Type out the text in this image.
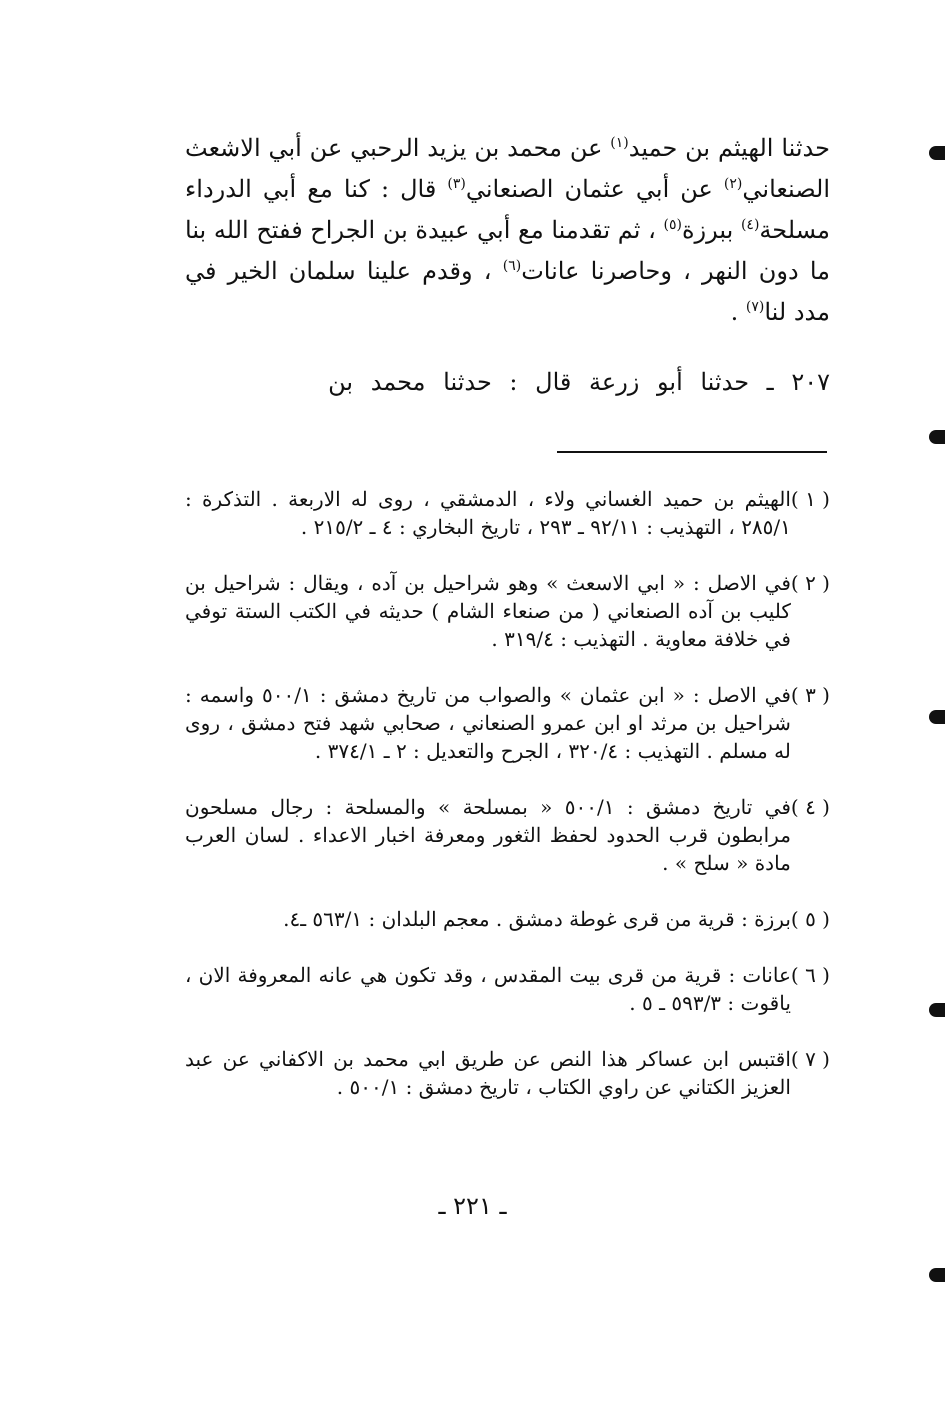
حدثنا الهيثم بن حميد$^{(١)}$ عن محمد بن يزيد الرحبي عن أبي الاشعث الصنعاني$^{(٢)}$ عن أبي عثمان الصنعاني$^{(٣)}$ قال : كنا مع أبي الدرداء مسلحة$^{(٤)}$ ببرزة$^{(٥)}$ ، ثم تقدمنا مع أبي عبيدة بن الجراح ففتح الله بنا ما دون النهر ، وحاصرنا عانات$^{(٦)}$ ، وقدم علينا سلمان الخير في مدد لنا$^{(٧)}$ .
٢٠٧ ـ حدثنا أبو زرعة قال : حدثنا محمد بن
( ١ )
الهيثم بن حميد الغساني ولاء ، الدمشقي ، روى له الاربعة . التذكرة : ٢٨٥/١ ، التهذيب : ٩٢/١١ ـ ٢٩٣ ، تاريخ البخاري : ٤ ـ ٢١٥/٢ .
( ٢ )
في الاصل : « ابي الاسعث » وهو شراحيل بن آده ، ويقال : شراحيل بن كليب بن آده الصنعاني ( من صنعاء الشام ) حديثه في الكتب الستة توفي في خلافة معاوية . التهذيب : ٣١٩/٤ .
( ٣ )
في الاصل : « ابن عثمان » والصواب من تاريخ دمشق : ٥٠٠/١ واسمه : شراحيل بن مرثد او ابن عمرو الصنعاني ، صحابي شهد فتح دمشق ، روى له مسلم . التهذيب : ٣٢٠/٤ ، الجرح والتعديل : ٢ ـ ٣٧٤/١ .
( ٤ )
في تاريخ دمشق : ٥٠٠/١ « بمسلحة » والمسلحة : رجال مسلحون مرابطون قرب الحدود لحفظ الثغور ومعرفة اخبار الاعداء . لسان العرب مادة « سلح » .
( ٥ )
برزة : قرية من قرى غوطة دمشق . معجم البلدان : ٥٦٣/١ ـ٤.
( ٦ )
عانات : قرية من قرى بيت المقدس ، وقد تكون هي عانه المعروفة الان ، ياقوت : ٥٩٣/٣ ـ ٥ .
( ٧ )
اقتبس ابن عساكر هذا النص عن طريق ابي محمد بن الاكفاني عن عبد العزيز الكتاني عن راوي الكتاب ، تاريخ دمشق : ٥٠٠/١ .
ـ ٢٢١ ـ
